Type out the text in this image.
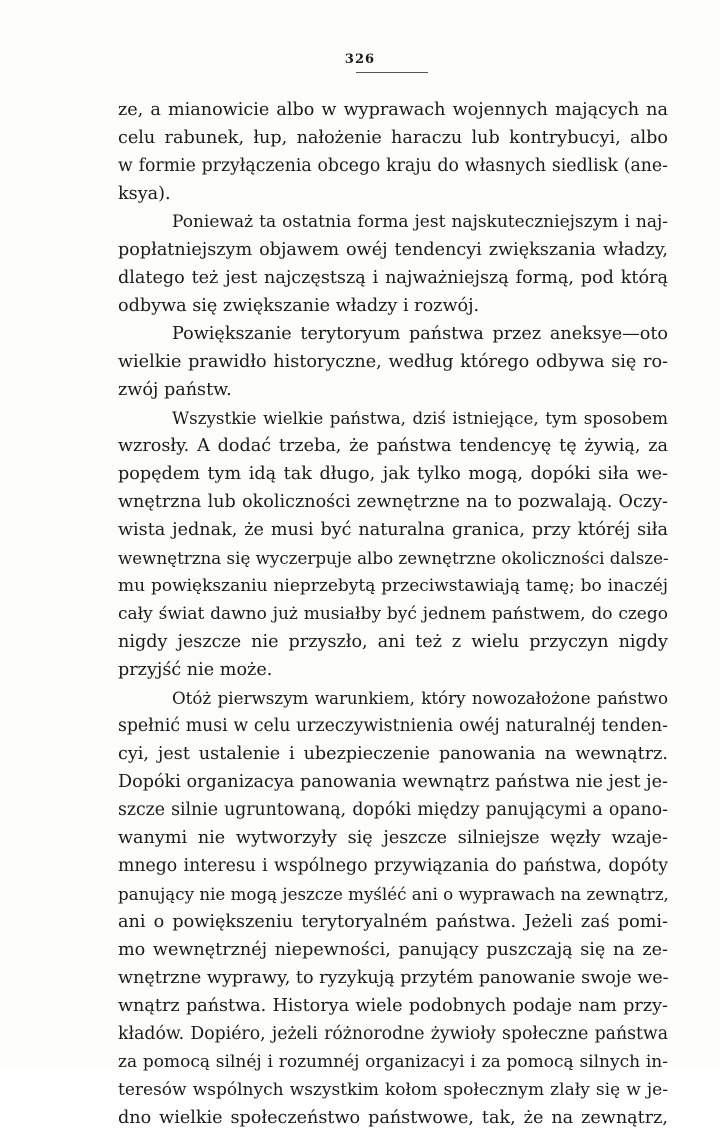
326
ze, a mianowicie albo w wyprawach wojennych mających na
celu rabunek, łup, nałożenie haraczu lub kontrybucyi, albo
w formie przyłączenia obcego kraju do własnych siedlisk (ane-
ksya).
Ponieważ ta ostatnia forma jest najskuteczniejszym i naj-
popłatniejszym objawem owéj tendencyi zwiększania władzy,
dlatego też jest najczęstszą i najważniejszą formą, pod którą
odbywa się zwiększanie władzy i rozwój.
Powiększanie terytoryum państwa przez aneksye—oto
wielkie prawidło historyczne, według którego odbywa się ro-
zwój państw.
Wszystkie wielkie państwa, dziś istniejące, tym sposobem
wzrosły. A dodać trzeba, że państwa tendencyę tę żywią, za
popędem tym idą tak długo, jak tylko mogą, dopóki siła we-
wnętrzna lub okoliczności zewnętrzne na to pozwalają. Oczy-
wista jednak, że musi być naturalna granica, przy któréj siła
wewnętrzna się wyczerpuje albo zewnętrzne okoliczności dalsze-
mu powiększaniu nieprzebytą przeciwstawiają tamę; bo inaczéj
cały świat dawno już musiałby być jednem państwem, do czego
nigdy jeszcze nie przyszło, ani też z wielu przyczyn nigdy
przyjść nie może.
Otóż pierwszym warunkiem, który nowozałożone państwo
spełnić musi w celu urzeczywistnienia owéj naturalnéj tenden-
cyi, jest ustalenie i ubezpieczenie panowania na wewnątrz.
Dopóki organizacya panowania wewnątrz państwa nie jest je-
szcze silnie ugruntowaną, dopóki między panującymi a opano-
wanymi nie wytworzyły się jeszcze silniejsze węzły wzaje-
mnego interesu i wspólnego przywiązania do państwa, dopóty
panujący nie mogą jeszcze myśléć ani o wyprawach na zewnątrz,
ani o powiększeniu terytoryalném państwa. Jeżeli zaś pomi-
mo wewnętrznéj niepewności, panujący puszczają się na ze-
wnętrzne wyprawy, to ryzykują przytém panowanie swoje we-
wnątrz państwa. Historya wiele podobnych podaje nam przy-
kładów. Dopiéro, jeżeli różnorodne żywioły społeczne państwa
za pomocą silnéj i rozumnéj organizacyi i za pomocą silnych in-
teresów wspólnych wszystkim kołom społecznym zlały się w je-
dno wielkie społeczeństwo państwowe, tak, że na zewnątrz,
